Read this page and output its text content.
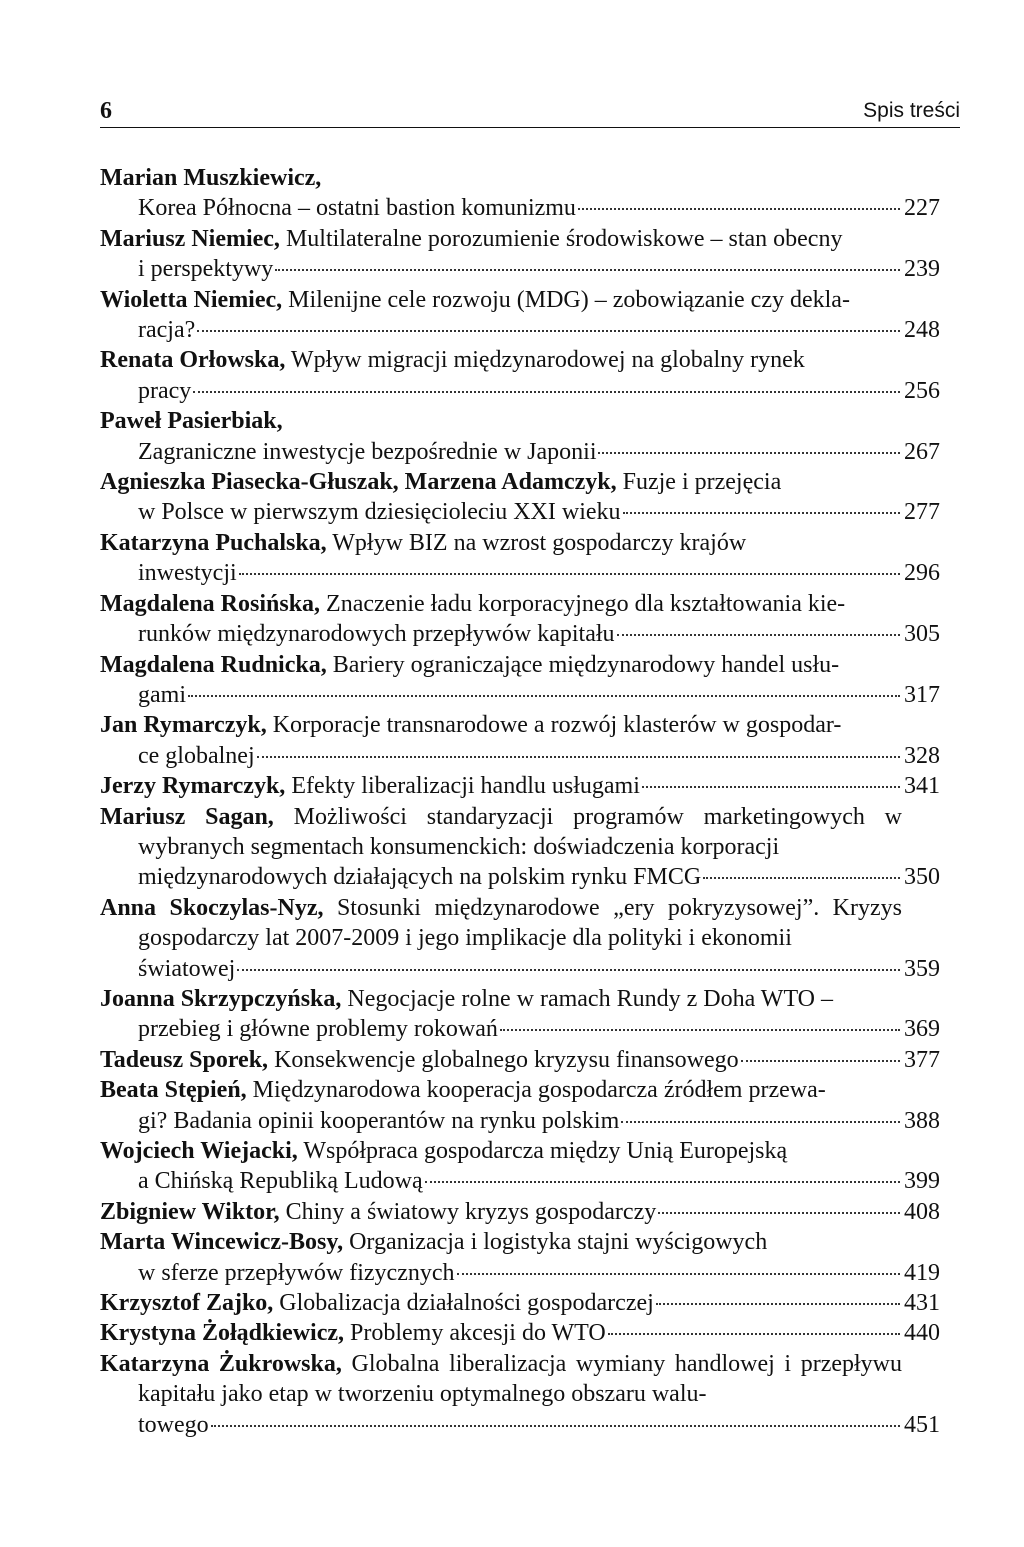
6	Spis treści
Marian Muszkiewicz,
Korea Północna – ostatni bastion komunizmu	227
Mariusz Niemiec, Multilateralne porozumienie środowiskowe – stan obecny
i perspektywy	239
Wioletta Niemiec, Milenijne cele rozwoju (MDG) – zobowiązanie czy dekla-
racja?	248
Renata Orłowska, Wpływ migracji międzynarodowej na globalny rynek
pracy	256
Paweł Pasierbiak,
Zagraniczne inwestycje bezpośrednie w Japonii	267
Agnieszka Piasecka-Głuszak, Marzena Adamczyk, Fuzje i przejęcia
w Polsce w pierwszym dziesięcioleciu XXI wieku	277
Katarzyna Puchalska, Wpływ BIZ na wzrost gospodarczy krajów
inwestycji	296
Magdalena Rosińska, Znaczenie ładu korporacyjnego dla kształtowania kie-
runków międzynarodowych przepływów kapitału	305
Magdalena Rudnicka, Bariery ograniczające międzynarodowy handel usłu-
gami	317
Jan Rymarczyk, Korporacje transnarodowe a rozwój klasterów w gospodar-
ce globalnej	328
Jerzy Rymarczyk, Efekty liberalizacji handlu usługami	341
Mariusz Sagan, Możliwości standaryzacji programów marketingowych w wybranych segmentach konsumenckich: doświadczenia korporacji
międzynarodowych działających na polskim rynku FMCG	350
Anna Skoczylas-Nyz, Stosunki międzynarodowe „ery pokryzysowej”. Kryzys gospodarczy lat 2007-2009 i jego implikacje dla polityki i ekonomii
światowej	359
Joanna Skrzypczyńska, Negocjacje rolne w ramach Rundy z Doha WTO –
przebieg i główne problemy rokowań	369
Tadeusz Sporek, Konsekwencje globalnego kryzysu finansowego	377
Beata Stępień, Międzynarodowa kooperacja gospodarcza źródłem przewa-
gi? Badania opinii kooperantów na rynku polskim	388
Wojciech Wiejacki, Współpraca gospodarcza między Unią Europejską
a Chińską Republiką Ludową	399
Zbigniew Wiktor, Chiny a światowy kryzys gospodarczy	408
Marta Wincewicz-Bosy, Organizacja i logistyka stajni wyścigowych
w sferze przepływów fizycznych	419
Krzysztof Zajko, Globalizacja działalności gospodarczej	431
Krystyna Żołądkiewicz, Problemy akcesji do WTO	440
Katarzyna Żukrowska, Globalna liberalizacja wymiany handlowej i przepływu kapitału jako etap w tworzeniu optymalnego obszaru walu-
towego	451
